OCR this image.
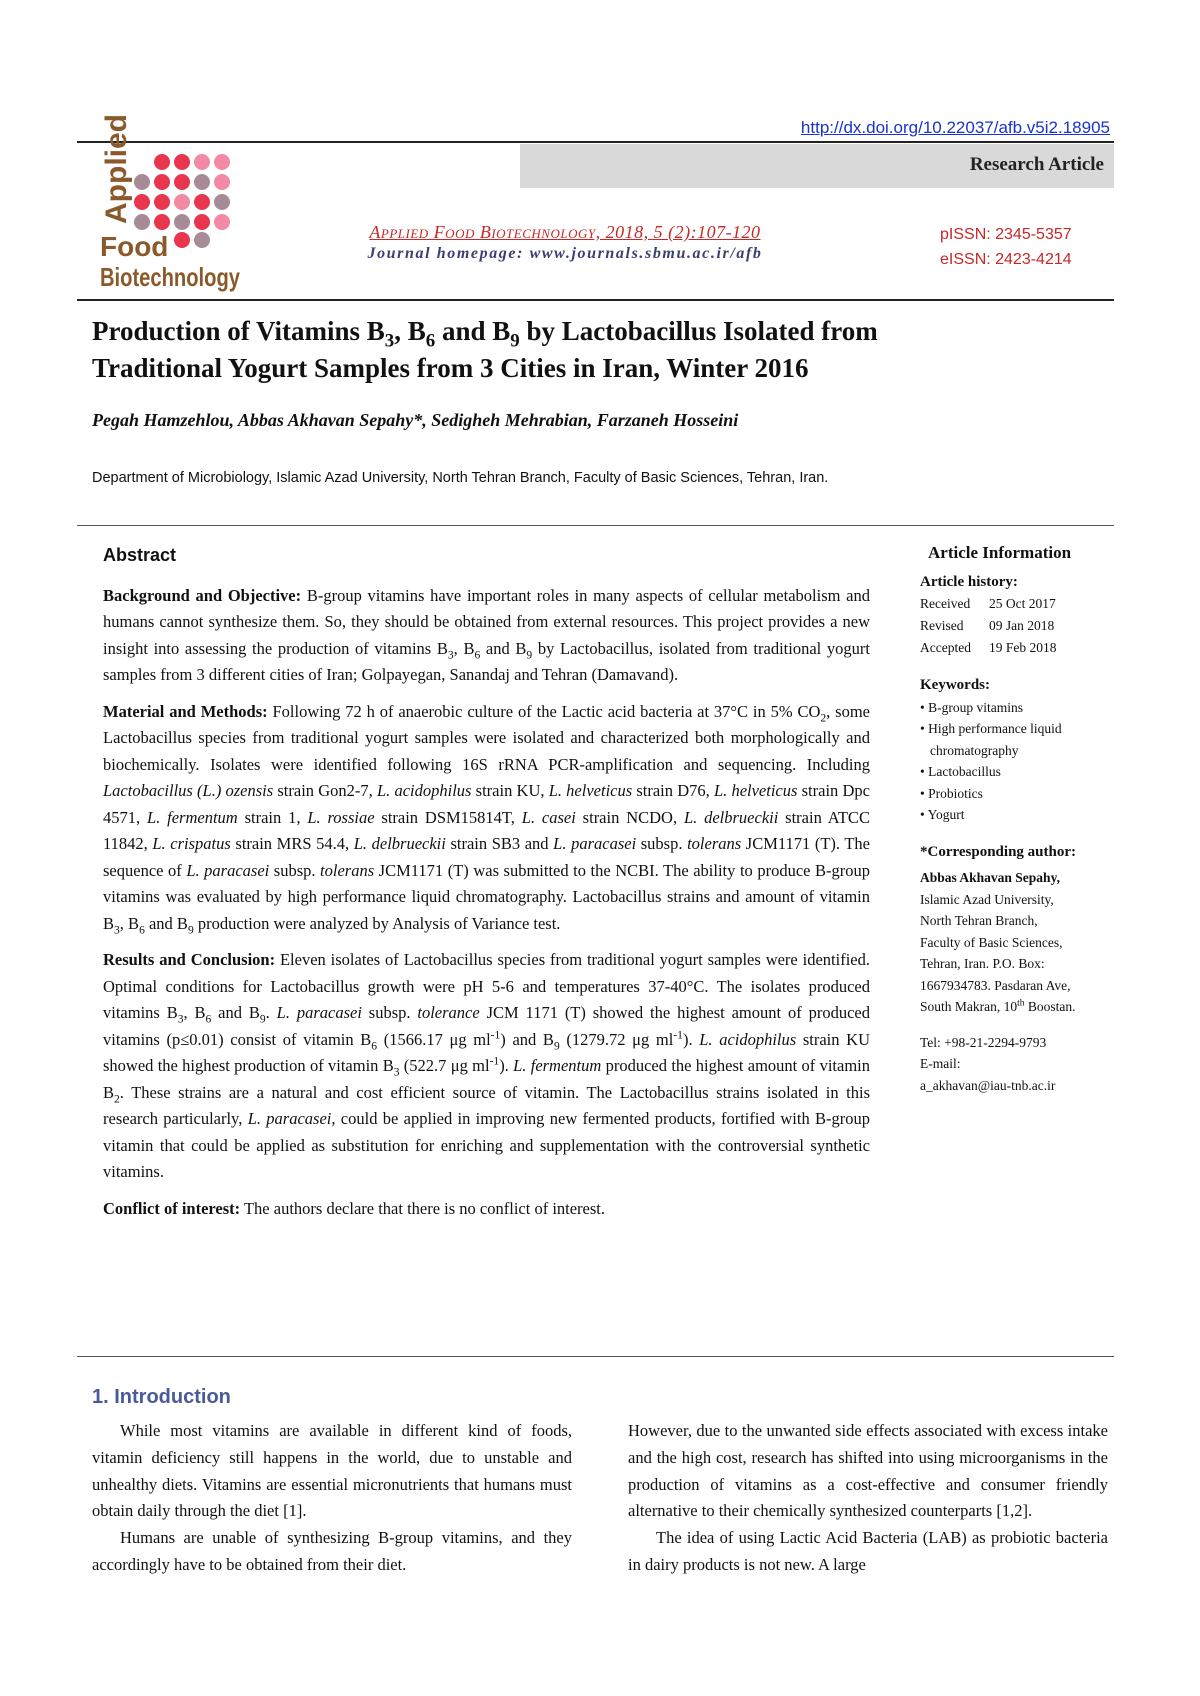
http://dx.doi.org/10.22037/afb.v5i2.18905
Research Article
Applied
Food
Biotechnology
Applied Food Biotechnology, 2018, 5 (2):107-120
Journal homepage: www.journals.sbmu.ac.ir/afb
pISSN: 2345-5357
eISSN: 2423-4214
Production of Vitamins $B_3$, $B_6$ and $B_9$ by Lactobacillus Isolated from
Traditional Yogurt Samples from 3 Cities in Iran, Winter 2016
Pegah Hamzehlou, Abbas Akhavan Sepahy*, Sedigheh Mehrabian, Farzaneh Hosseini
Department of Microbiology, Islamic Azad University, North Tehran Branch, Faculty of Basic Sciences, Tehran, Iran.
Abstract

Background and Objective: B-group vitamins have important roles in many aspects of cellular metabolism and humans cannot synthesize them. So, they should be obtained from external resources. This project provides a new insight into assessing the production of vitamins $B_3$, $B_6$ and $B_9$ by Lactobacillus, isolated from traditional yogurt samples from 3 different cities of Iran; Golpayegan, Sanandaj and Tehran (Damavand).

Material and Methods: Following 72 h of anaerobic culture of the Lactic acid bacteria at 37°C in 5% $CO_2$, some Lactobacillus species from traditional yogurt samples were isolated and characterized both morphologically and biochemically. Isolates were identified following 16S rRNA PCR-amplification and sequencing. Including Lactobacillus (L.) ozensis strain Gon2-7, L. acidophilus strain KU, L. helveticus strain D76, L. helveticus strain Dpc 4571, L. fermentum strain 1, L. rossiae strain DSM15814T, L. casei strain NCDO, L. delbrueckii strain ATCC 11842, L. crispatus strain MRS 54.4, L. delbrueckii strain SB3 and L. paracasei subsp. tolerans JCM1171 (T). The sequence of L. paracasei subsp. tolerans JCM1171 (T) was submitted to the NCBI. The ability to produce B-group vitamins was evaluated by high performance liquid chromatography. Lactobacillus strains and amount of vitamin $B_3$, $B_6$ and $B_9$ production were analyzed by Analysis of Variance test.

Results and Conclusion: Eleven isolates of Lactobacillus species from traditional yogurt samples were identified. Optimal conditions for Lactobacillus growth were pH 5-6 and temperatures 37-40°C. The isolates produced vitamins $B_3$, $B_6$ and $B_9$. L. paracasei subsp. tolerance JCM 1171 (T) showed the highest amount of produced vitamins (p≤0.01) consist of vitamin $B_6$ (1566.17 μg $ml^{-1}$) and $B_9$ (1279.72 μg $ml^{-1}$). L. acidophilus strain KU showed the highest production of vitamin $B_3$ (522.7 μg $ml^{-1}$). L. fermentum produced the highest amount of vitamin $B_2$. These strains are a natural and cost efficient source of vitamin. The Lactobacillus strains isolated in this research particularly, L. paracasei, could be applied in improving new fermented products, fortified with B-group vitamin that could be applied as substitution for enriching and supplementation with the controversial synthetic vitamins.

Conflict of interest: The authors declare that there is no conflict of interest.

Article Information
Article history:
Received	25 Oct 2017
Revised	09 Jan 2018
Accepted	19 Feb 2018
Keywords:
• B-group vitamins
• High performance liquid chromatography
• Lactobacillus
• Probiotics
• Yogurt
*Corresponding author:
Abbas Akhavan Sepahy,
Islamic Azad University,
North Tehran Branch,
Faculty of Basic Sciences,
Tehran, Iran. P.O. Box:
1667934783. Pasdaran Ave,
South Makran, 10th Boostan.
Tel: +98-21-2294-9793
E-mail:
a_akhavan@iau-tnb.ac.ir
1. Introduction

While most vitamins are available in different kind of foods, vitamin deficiency still happens in the world, due to unstable and unhealthy diets. Vitamins are essential micronutrients that humans must obtain daily through the diet [1].

Humans are unable of synthesizing B-group vitamins, and they accordingly have to be obtained from their diet.

However, due to the unwanted side effects associated with excess intake and the high cost, research has shifted into using microorganisms in the production of vitamins as a cost-effective and consumer friendly alternative to their chemically synthesized counterparts [1,2].

The idea of using Lactic Acid Bacteria (LAB) as probiotic bacteria in dairy products is not new. A large
